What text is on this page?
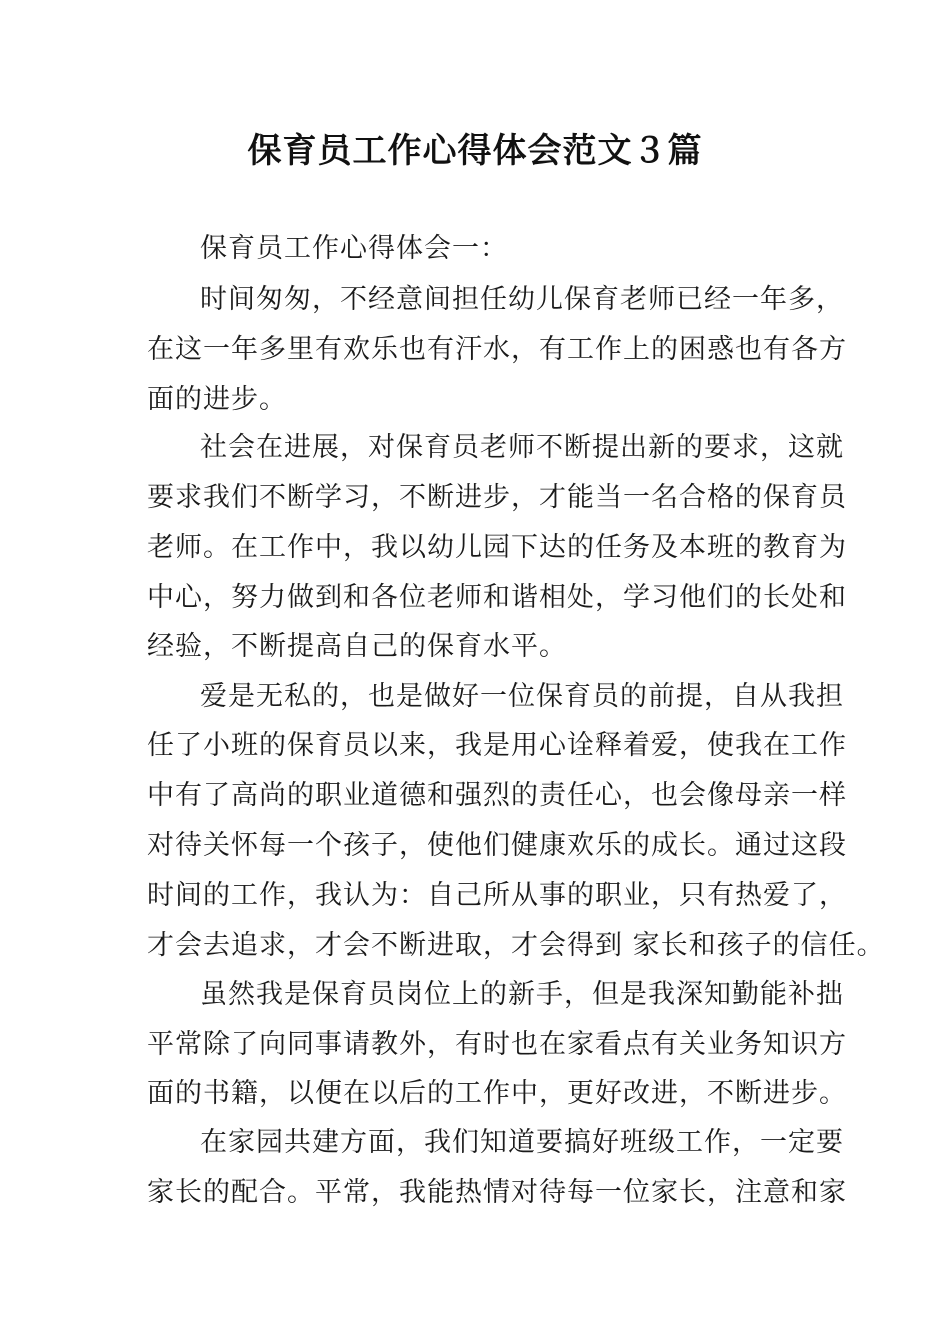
保育员工作心得体会范文３篇

保育员工作心得体会一：

时间匆匆，不经意间担任幼儿保育老师已经一年多，

在这一年多里有欢乐也有汗水，有工作上的困惑也有各方

面的进步。

社会在进展，对保育员老师不断提出新的要求，这就

要求我们不断学习，不断进步，才能当一名合格的保育员

老师。在工作中，我以幼儿园下达的任务及本班的教育为

中心，努力做到和各位老师和谐相处，学习他们的长处和

经验，不断提高自己的保育水平。

爱是无私的，也是做好一位保育员的前提，自从我担

任了小班的保育员以来，我是用心诠释着爱，使我在工作

中有了高尚的职业道德和强烈的责任心，也会像母亲一样

对待关怀每一个孩子，使他们健康欢乐的成长。通过这段

时间的工作，我认为：自己所从事的职业，只有热爱了，

才会去追求，才会不断进取，才会得到 家长和孩子的信任。

虽然我是保育员岗位上的新手，但是我深知勤能补拙

平常除了向同事请教外，有时也在家看点有关业务知识方

面的书籍，以便在以后的工作中，更好改进，不断进步。

在家园共建方面，我们知道要搞好班级工作，一定要

家长的配合。平常，我能热情对待每一位家长，注意和家
